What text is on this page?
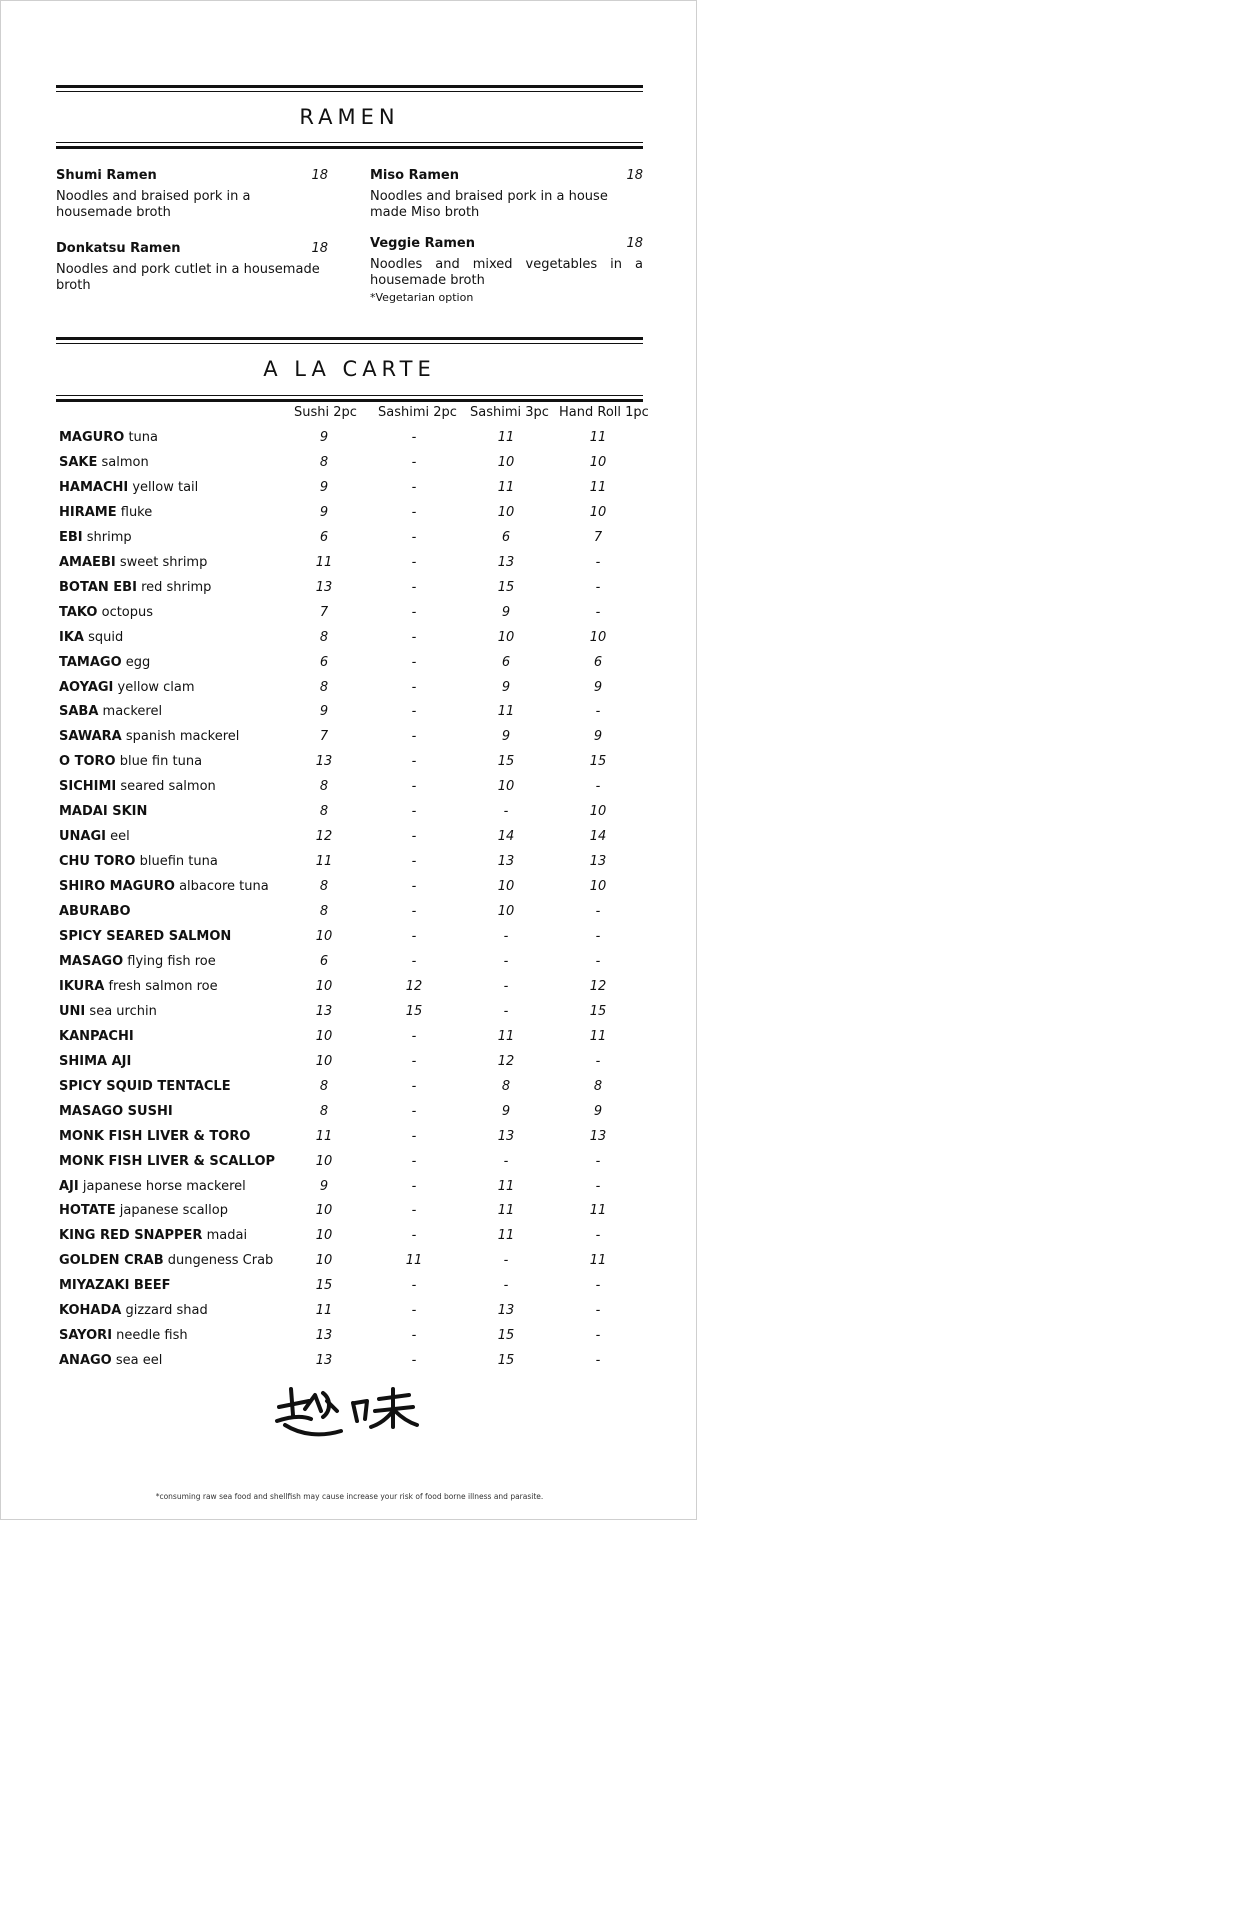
RAMEN
Shumi Ramen	18
Noodles and braised pork in a housemade broth
Miso Ramen	18
Noodles and braised pork in a house made Miso broth
Donkatsu Ramen	18
Noodles and pork cutlet in a housemade broth
Veggie Ramen	18
Noodles and mixed vegetables in a housemade broth
*Vegetarian option
A LA CARTE
Sushi 2pc Sashimi 2pc Sashimi 3pc Hand Roll 1pc
MAGURO tuna	9	-	11	11
SAKE salmon	8	-	10	10
HAMACHI yellow tail	9	-	11	11
HIRAME fluke	9	-	10	10
EBI shrimp	6	-	6	7
AMAEBI sweet shrimp	11	-	13	-
BOTAN EBI red shrimp	13	-	15	-
TAKO octopus	7	-	9	-
IKA squid	8	-	10	10
TAMAGO egg	6	-	6	6
AOYAGI yellow clam	8	-	9	9
SABA mackerel	9	-	11	-
SAWARA spanish mackerel	7	-	9	9
O TORO blue fin tuna	13	-	15	15
SICHIMI seared salmon	8	-	10	-
MADAI SKIN	8	-	-	10
UNAGI eel	12	-	14	14
CHU TORO bluefin tuna	11	-	13	13
SHIRO MAGURO albacore tuna	8	-	10	10
ABURABO	8	-	10	-
SPICY SEARED SALMON	10	-	-	-
MASAGO flying fish roe	6	-	-	-
IKURA fresh salmon roe	10	12	-	12
UNI sea urchin	13	15	-	15
KANPACHI	10	-	11	11
SHIMA AJI	10	-	12	-
SPICY SQUID TENTACLE	8	-	8	8
MASAGO SUSHI	8	-	9	9
MONK FISH LIVER & TORO	11	-	13	13
MONK FISH LIVER & SCALLOP	10	-	-	-
AJI japanese horse mackerel	9	-	11	-
HOTATE japanese scallop	10	-	11	11
KING RED SNAPPER madai	10	-	11	-
GOLDEN CRAB dungeness Crab	10	11	-	11
MIYAZAKI BEEF	15	-	-	-
KOHADA gizzard shad	11	-	13	-
SAYORI needle fish	13	-	15	-
ANAGO sea eel	13	-	15	-
*consuming raw sea food and shellfish may cause increase your risk of food borne illness and parasite.
